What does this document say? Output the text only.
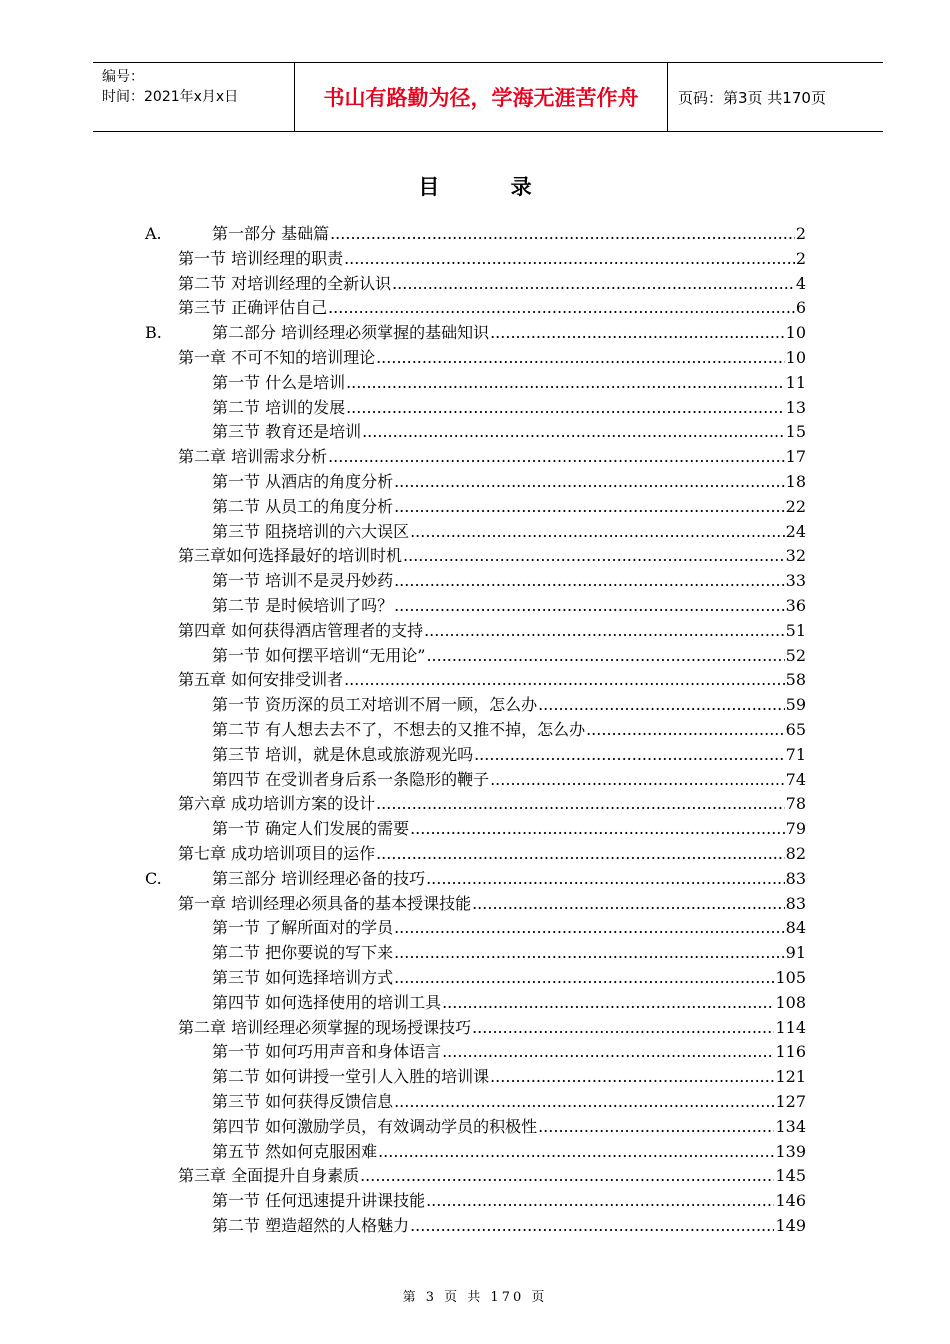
编号：
时间：2021年x月x日	书山有路勤为径，学海无涯苦作舟	页码：第3页 共170页
目 录
A.	第一部分 基础篇 .....	2
第一节 培训经理的职责 .....	2
第二节 对培训经理的全新认识 .....	4
第三节 正确评估自己 .....	6
B.	第二部分 培训经理必须掌握的基础知识 .....	10
第一章 不可不知的培训理论 .....	10
第一节 什么是培训 .....	11
第二节 培训的发展 .....	13
第三节 教育还是培训 .....	15
第二章 培训需求分析 .....	17
第一节 从酒店的角度分析 .....	18
第二节 从员工的角度分析 .....	22
第三节 阻挠培训的六大误区 .....	24
第三章如何选择最好的培训时机 .....	32
第一节 培训不是灵丹妙药 .....	33
第二节 是时候培训了吗？ .....	36
第四章 如何获得酒店管理者的支持 .....	51
第一节 如何摆平培训“无用论” .....	52
第五章 如何安排受训者 .....	58
第一节 资历深的员工对培训不屑一顾，怎么办 .....	59
第二节 有人想去去不了，不想去的又推不掉，怎么办 .....	65
第三节 培训，就是休息或旅游观光吗 .....	71
第四节 在受训者身后系一条隐形的鞭子 .....	74
第六章 成功培训方案的设计 .....	78
第一节 确定人们发展的需要 .....	79
第七章 成功培训项目的运作 .....	82
C.	第三部分 培训经理必备的技巧 .....	83
第一章 培训经理必须具备的基本授课技能 .....	83
第一节 了解所面对的学员 .....	84
第二节 把你要说的写下来 .....	91
第三节 如何选择培训方式 .....	105
第四节 如何选择使用的培训工具 .....	108
第二章 培训经理必须掌握的现场授课技巧 .....	114
第一节 如何巧用声音和身体语言 .....	116
第二节 如何讲授一堂引人入胜的培训课 .....	121
第三节 如何获得反馈信息 .....	127
第四节 如何激励学员，有效调动学员的积极性 .....	134
第五节 然如何克服困难 .....	139
第三章 全面提升自身素质 .....	145
第一节 任何迅速提升讲课技能 .....	146
第二节 塑造超然的人格魅力 .....	149
第 3 页 共 170 页
